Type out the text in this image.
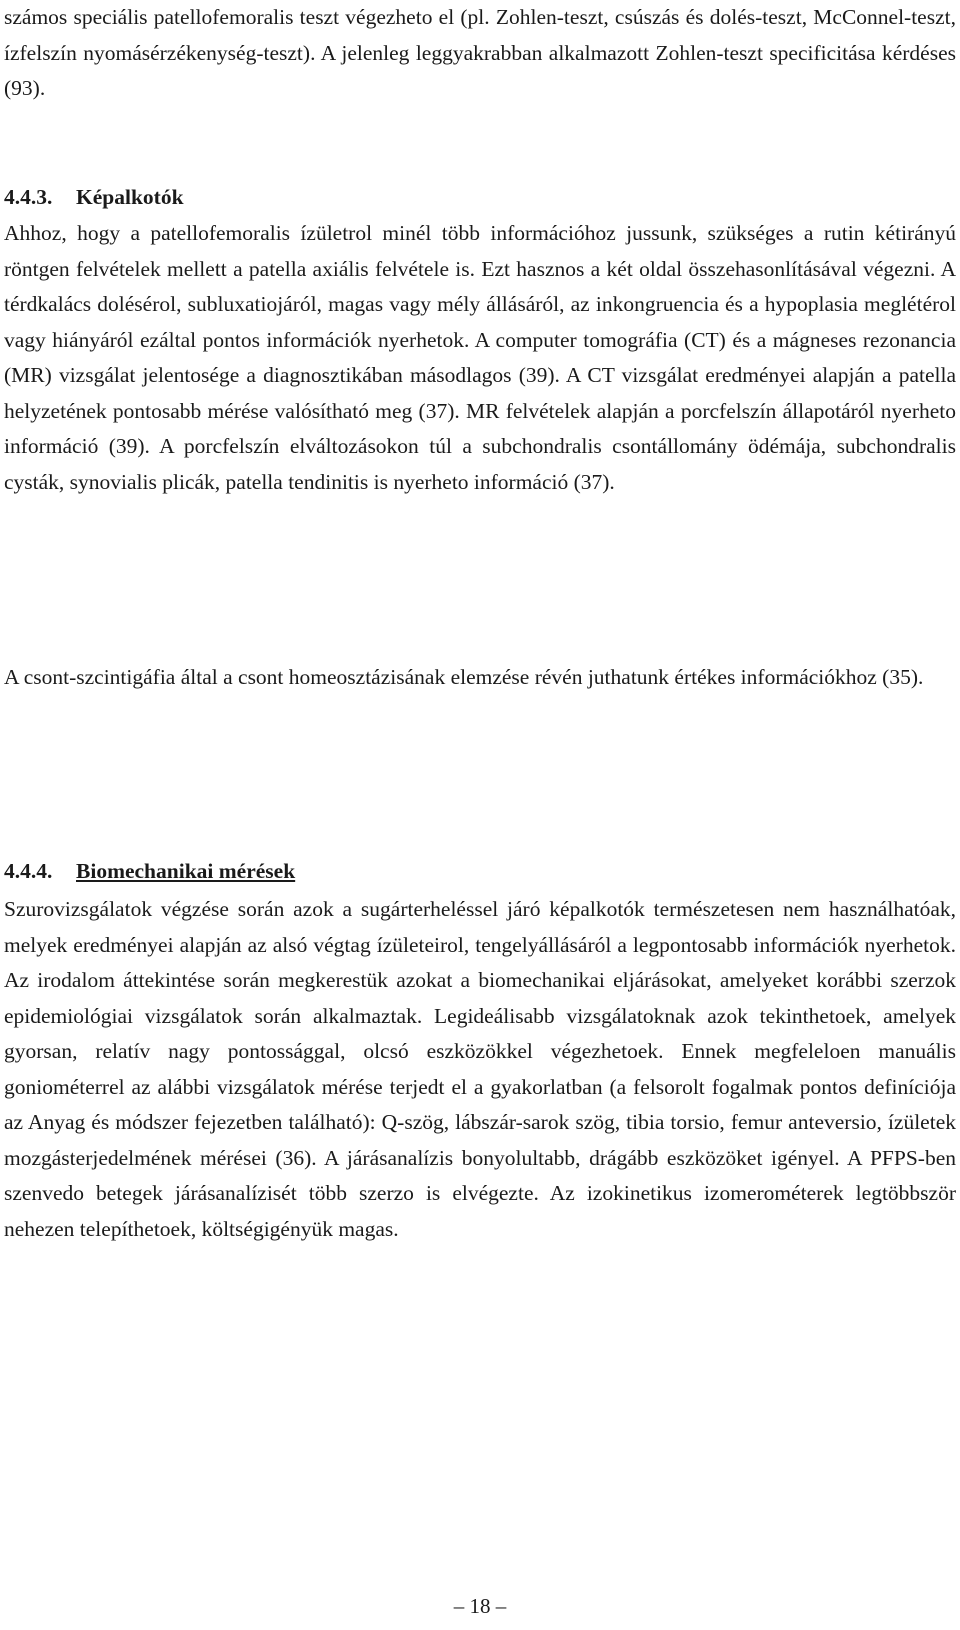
számos speciális patellofemoralis teszt végezheto el (pl. Zohlen-teszt, csúszás és dolés-teszt, McConnel-teszt, ízfelszín nyomásérzékenység-teszt). A jelenleg leggyakrabban alkalmazott Zohlen-teszt specificitása kérdéses (93).

4.4.3. Képalkotók

Ahhoz, hogy a patellofemoralis ízületrol minél több információhoz jussunk, szükséges a rutin kétirányú röntgen felvételek mellett a patella axiális felvétele is. Ezt hasznos a két oldal összehasonlításával végezni. A térdkalács dolésérol, subluxatiojáról, magas vagy mély állásáról, az inkongruencia és a hypoplasia meglétérol vagy hiányáról ezáltal pontos információk nyerhetok. A computer tomográfia (CT) és a mágneses rezonancia (MR) vizsgálat jelentosége a diagnosztikában másodlagos (39). A CT vizsgálat eredményei alapján a patella helyzetének pontosabb mérése valósítható meg (37). MR felvételek alapján a porcfelszín állapotáról nyerheto információ (39). A porcfelszín elváltozásokon túl a subchondralis csontállomány ödémája, subchondralis cysták, synovialis plicák, patella tendinitis is nyerheto információ (37).

A csont-szcintigáfia által a csont homeosztázisának elemzése révén juthatunk értékes információkhoz (35).

4.4.4. Biomechanikai mérések

Szurovizsgálatok végzése során azok a sugárterheléssel járó képalkotók természetesen nem használhatóak, melyek eredményei alapján az alsó végtag ízületeirol, tengelyállásáról a legpontosabb információk nyerhetok. Az irodalom áttekintése során megkerestük azokat a biomechanikai eljárásokat, amelyeket korábbi szerzok epidemiológiai vizsgálatok során alkalmaztak. Legideálisabb vizsgálatoknak azok tekinthetoek, amelyek gyorsan, relatív nagy pontossággal, olcsó eszközökkel végezhetoek. Ennek megfeleloen manuális goniométerrel az alábbi vizsgálatok mérése terjedt el a gyakorlatban (a felsorolt fogalmak pontos definíciója az Anyag és módszer fejezetben található): Q-szög, lábszár-sarok szög, tibia torsio, femur anteversio, ízületek mozgásterjedelmének mérései (36). A járásanalízis bonyolultabb, drágább eszközöket igényel. A PFPS-ben szenvedo betegek járásanalízisét több szerzo is elvégezte. Az izokinetikus izomerométerek legtöbbször nehezen telepíthetoek, költségigényük magas.

– 18 –
